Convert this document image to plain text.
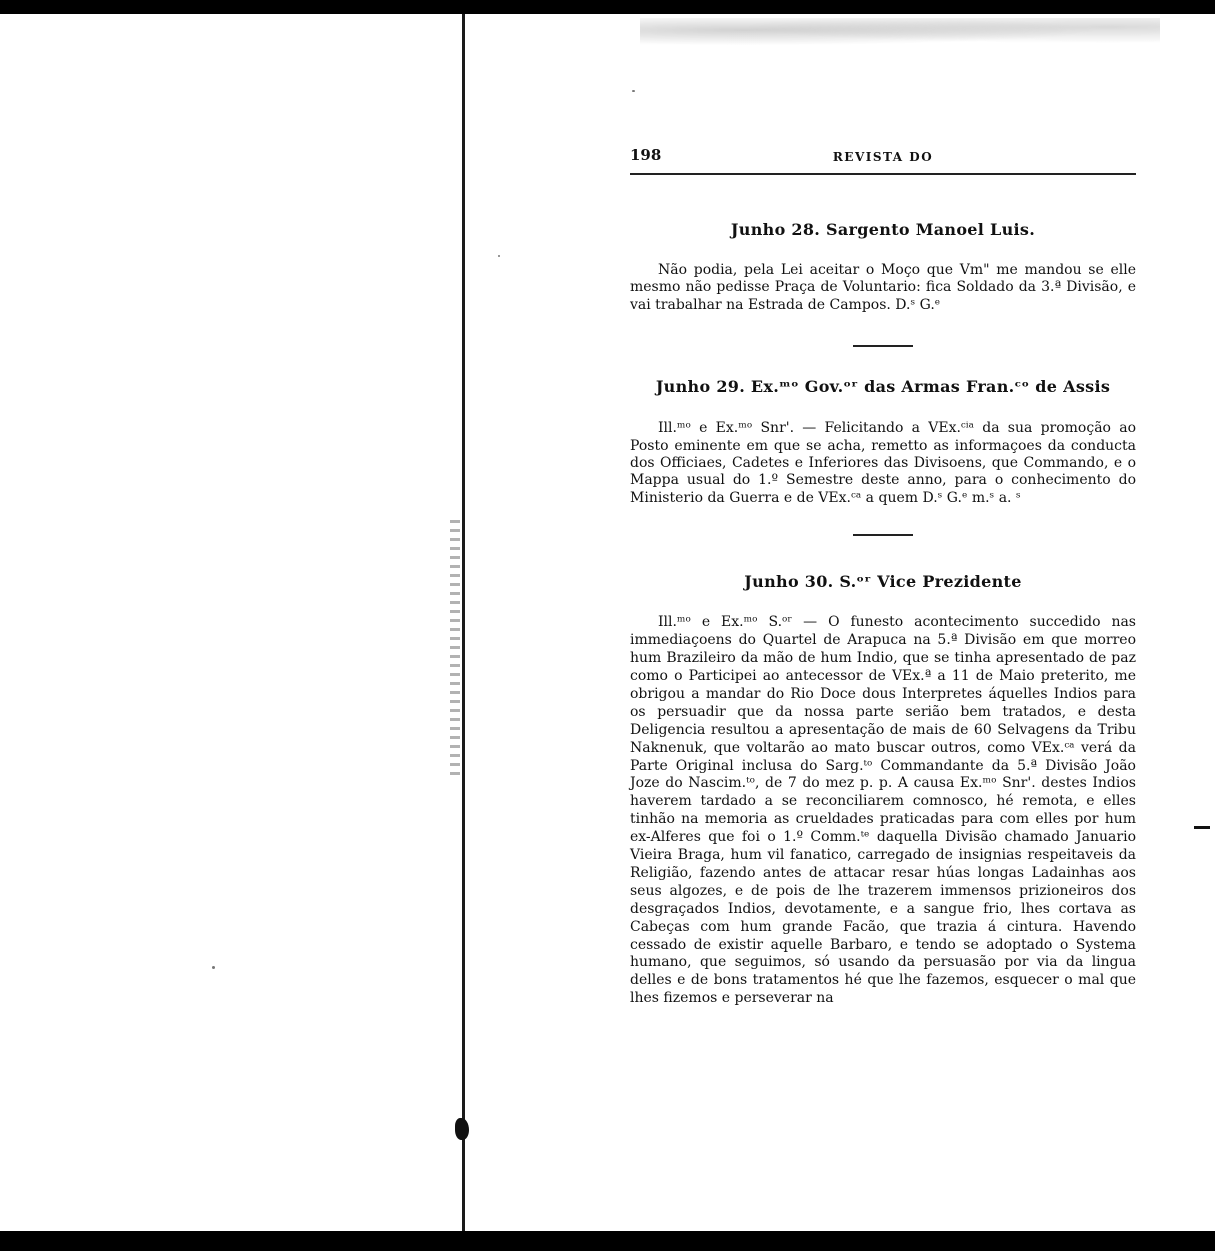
198	REVISTA DO
Junho 28. Sargento Manoel Luis.

Não podia, pela Lei aceitar o Moço que Vm" me mandou se elle mesmo não pedisse Praça de Voluntario: fica Soldado da 3.ª Divisão, e vai trabalhar na Estrada de Campos. D.ˢ G.ᵉ

Junho 29. Ex.ᵐᵒ Gov.ᵒʳ das Armas Fran.ᶜᵒ de Assis

Ill.ᵐᵒ e Ex.ᵐᵒ Snr'. — Felicitando a VEx.ᶜⁱᵃ da sua promoção ao Posto eminente em que se acha, remetto as informaçoes da conducta dos Officiaes, Cadetes e Inferiores das Divisoens, que Commando, e o Mappa usual do 1.º Semestre deste anno, para o conhecimento do Ministerio da Guerra e de VEx.ᶜᵃ a quem D.ˢ G.ᵉ m.ˢ a. ˢ

Junho 30. S.ᵒʳ Vice Prezidente

Ill.ᵐᵒ e Ex.ᵐᵒ S.ᵒʳ — O funesto acontecimento succedido nas immediaçoens do Quartel de Arapuca na 5.ª Divisão em que morreo hum Brazileiro da mão de hum Indio, que se tinha apresentado de paz como o Participei ao antecessor de VEx.ª a 11 de Maio preterito, me obrigou a mandar do Rio Doce dous Interpretes áquelles Indios para os persuadir que da nossa parte serião bem tratados, e desta Deligencia resultou a apresentação de mais de 60 Selvagens da Tribu Naknenuk, que voltarão ao mato buscar outros, como VEx.ᶜᵃ verá da Parte Original inclusa do Sarg.ᵗᵒ Commandante da 5.ª Divisão João Joze do Nascim.ᵗᵒ, de 7 do mez p. p. A causa Ex.ᵐᵒ Snr'. destes Indios haverem tardado a se reconciliarem comnosco, hé remota, e elles tinhão na memoria as crueldades praticadas para com elles por hum ex-Alferes que foi o 1.º Comm.ᵗᵉ daquella Divisão chamado Januario Vieira Braga, hum vil fanatico, carregado de insignias respeitaveis da Religião, fazendo antes de attacar resar húas longas Ladainhas aos seus algozes, e de pois de lhe trazerem immensos prizioneiros dos desgraçados Indios, devotamente, e a sangue frio, lhes cortava as Cabeças com hum grande Facão, que trazia á cintura. Havendo cessado de existir aquelle Barbaro, e tendo se adoptado o Systema humano, que seguimos, só usando da persuasão por via da lingua delles e de bons tratamentos hé que lhe fazemos, esquecer o mal que lhes fizemos e perseverar na
